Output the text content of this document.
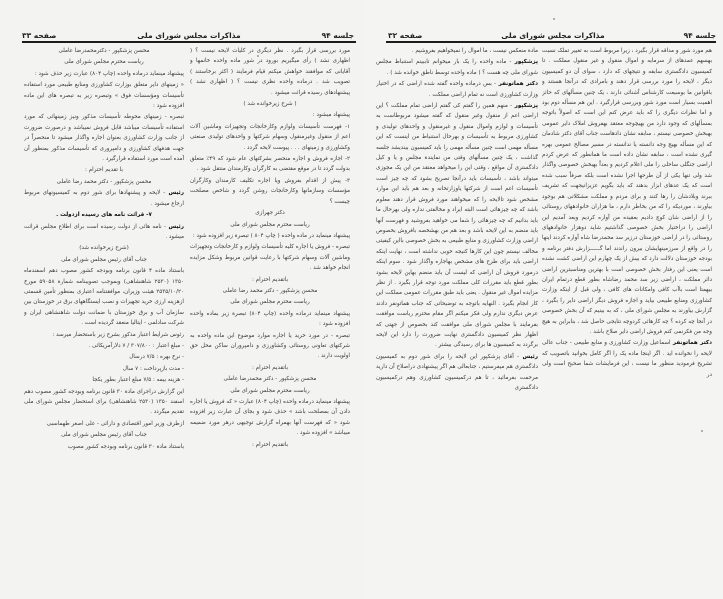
جلسه ۹۴
مذاکرات مجلس شورای ملی
صفحه ۳۳

مورد بررسی قرار بگیرد . نظر دیگری در کلیات لایحه نیست ؟ ( اظهاری نشد ) رأی میگیریم بورود در شور ماده واحده خانمها و آقایانی که موافقند خواهش میکنم قیام فرمایند ( اکثر برخاستند ) تصویب شد . درماده واحده نظری نیست ؟ ( اظهاری نشد ) پیشنهادهای رسیده قرائت میشود .

( شرح زیرخوانده شد )

پیشنهاد میشود :

۱- فهرست تأسیسات ولوازم وکارخانجات وتجهیزات وماشین آلات اعم از منقول وغیرمنقول وسهام شرکتها و واحدهای تولیدی صنعتی وکشاورزی و زمینهای . . . پیوست لایحه گردد .

۲- اجازه فروش و اجاره منحصر بشرکتهای عام شود که ۴۹٪ متعلق بدولت گردد تا در موقع مقتضی به کارگران وکارمندان منتقل شود .

۳- پیش از اقدام بفروش ویا اجاره تکلیف کارمندان وکارگران مؤسسات وسازمانها وکارخانجات روشن گردد و شاخص مصلحت چیست ؟

دکتر جهرازی

ریاست محترم مجلس شورای ملی

پیشنهاد مینماید در ماده واحده ( چاپ ۸۰۴ ) تبصرة زیر افزوده شود :

تبصره - فروش یا اجاره کلیه تأسیسات ولوازم و کارخانجات وتجهیزات وماشین آلات وسهام شرکتها با رعایت قوانین مربوط وشکل مزایده انجام خواهد شد .

باتقدیم احترام :

محسن پزشکپور - دکتر محمد رضا عاملی

ریاست محترم مجلس شورای ملی

پیشنهاد مینماید درماده واحده (چاپ ۸۰۴) تبصرة زیر بماده واحده افزوده شود :

تبصره - در مورد خرید یا اجاره موارد موضوع این ماده واحده به شرکتهای تعاونی روستائی وکشاورزی و دامپروران ساکن محل حق اولویت دارند .

باتقدیم احترام :

محسن پزشکپور - دکتر محمدرضا عاملی

ریاست محترم مجلس شورای ملی

پیشنهاد مینماید درماده واحده (چاپ ۸۰۴) عبارت « که فروش یا اجاره دادن آن بمصلحت باشد » حذف شود و بجای آن عبارت زیر افزوده شود « که فهرست آنها بهمراه گزارش توجیهی درهر مورد ضمیمه میباشد » افزوده شود .

باتقدیم احترام :

محسن پزشکپور - دکترمحمدرضا عاملی

ریاست محترم مجلس شورای ملی

پیشنهاد مینماید درماده واحده (چاپ ۸۰۴) عبارت زیر حذف شود :

« زمینهای دایر متعلق بوزارت کشاورزی ومنابع طبیعی مورد استفاده تأسیسات ومؤسسات فوق » وتبصره زیر به تبصره های این ماده افزوده شود :

تبصره - زمینهای محوطه تأسیسات مذکور ونیز زمینهائی که مورد استفاده تأسیسات میباشد قابل فروش نمیباشد و درصورت ضرورت از جانب وزارت کشاورزی بعنوان اجاره واگذار میشود تا منحصراً در جهت هدفهای کشاورزی و دامپروری که تأسیسات مذکور بمنظور آن آمده است مورد استفاده قرارگیرد .

با تقدیم احترام :

محسن پزشکپور - دکتر محمد رضا عاملی

رئیس - لایحه و پیشنهادها برای شور دوم به کمیسیونهای مربوط ارجاع میشود .

۷- قرائت نامه های رسیده ازدولت .

رئیس - نامه هائی از دولت رسیده است برای اطلاع مجلس قرائت میشود .

(شرح زیرخوانده شد)

جناب آقای رئیس مجلس شورای ملی

باستناد ماده ۴ قانون برنامه وبودجه کشور مصوب دهم اسفندماه ۱۳۵۰ (۲۵۳۰ شاهنشاهی) وبموجب تصویبنامه شمارة ۵۹۰۵۸ مورخ ۲۵۳۵/۱۰/۲۰ هیئت وزیران، موافقتنامه اعتباری بمنظور تأمین قسمتی ازهزینه ارزی خرید تجهیزات و نصب ایستگاههای برق در خوزستان بین سازمان آب و برق خوزستان با ضمانت دولت شاهنشاهی ایران و شرکت سادلمی - ایتالیا منعقد گردیده است .

رئوس شرایط اعتبار مذکور بشرح زیر باستحضار میرسد :

- مبلغ اعتبار : ۳۰۷/۸۰۰ / ۷ دلارآمریکائی .

- نرخ بهره : ۷/۵ درسال

- مدت بازپرداخت : ۷ سال

- هزینه بیمه : ۷/۵ مبلغ اعتبار بطور یکجا

این گزارش دراجرای مادة ۳۰ قانون برنامه وبودجه کشور مصوب دهم اسفند ۱۳۵۰ (۲۵۳۰ شاهنشاهی) برای استحضار مجلس شورای ملی تقدیم میگردد .

ازطرف وزیر امور اقتصادی و دارائی - علی اصغر طهماسبی

جناب آقای رئیس مجلس شورای ملی

باستناد مادة ۳۰ قانون برنامه وبودجه کشور مصوب

جلسه ۹۴
مذاکرات مجلس شورای ملی
صفحه ۳۲

هم مورد شور و مداقه قرار بگیرد ، زیرا مربوط است به تغییر تملک نسبت بهسهم عمدهای از سرمایه و اموال منقول و غیر منقول مملکت . تا کمیسیون دادگستری سابقه و نتیجهای که دارد ، سوای آن دو کمیسیون دیگر ، لایحه را مورد بررسی قرار دهند و بامرادی که درآنجا هستند و باقوانین ما بوسیعت کارشناس آشنائی دارند ، یک چنین مسألهای که حائز اهمیت بسیار است مورد شور وبررسی قرارگیرد . این هم مسأله دوم بود و اما نظرات دیگری را که باید عرض کنم این است که اصولاً باتوجه بمسألهای که وجود دارد من بهیچوجه معتقد بهفروش املاک دایر عمومی بهبخش خصوصی نیستم ، سابقه نشان دادهاست جناب آقای دکتر شادمان که این مسأله بهیچ وجه دانسته یا ندانسته در مسیر مصالح عمومی بهره گیری نشده است ، سابقه نشان داده است ما همانطور که عرض کردم اراضی جنگلی ساحلی را ملی اعلام کردیم و بعداً بهبخش خصوصی واگذار شد ولی تنها یکی از آن طرحها اجرا نشده است بلکه صرفاً سبب شده است که یک عدهای ابزار بدهند که باید بگویم عزیزانیجهت که تشریف ببرند وبلادشان را رها کنند و برای مردم و مملکت مشکلاتی هم بوجود بیاورند ، موردیکه را که من بخاطر دارم ، ما هزاران خانوادههای روستائی را از اراضی شان کوچ دادیم بعقیده من آواره کردیم وبعد آمدیم این اراضی را دراختیار بخش خصوصی گذاشتیم شاید دوهزار خانوادههای روستائی را در اراضی خوزستان درزیر سد محمدرضا شاه آواره کردند اینها را در واقع از سرزمینهایشان بیرون راندند اما گــــــزارش دفتر برنامه و بودجه خوزستان دلالت دارد که بیش از یک چهارم این اراضی کشت نشده است یعنی این رفتار بخش خصوصی است با بهترین ومناسبترین اراضی دائر مملکت ، اراضی زیر سد محمد رضاشاه بطور قطع درتمام ایران بیهمتا است باآب کافی وامکانات های کافی ، ولی قبل از اینکه وزارت کشاورزی ومنابع طبیعی بیاید و اجازه فروش دیگر اراضی دایر را بگیرد ، گزارش بیاورند به مجلس شورای ملی ، که به بینیم که آن بخش خصوصی در آنجا چه کرده ؟ چه کارهائی کردوچه نتایجی حاصل شد ، بنابراین به هیچ وجه من فکرنمی کنم فروش اراضی دایر صلاح باشد .

دکتر هماتونفر اسماعیل وزارت کشاورزی و منابع طبیعی - جناب عالی لایحه را نخوانده اید . اگر اینجا ماده یک را اگر کامل بخوانید باتصویب که تشریح فرمودید منظور ما نیست ، این فرمایشات شما صحیح است ولی در

مادة منعکس نیست ، ما اموال را نمیخواهیم بفروشیم .

پزشکپور - ماده واحده را یک بار میخوانم تاببینم استنباط مجلس شورای ملی چه هست ؟ ( ماده واحده توسط ناطق خوانده شد ) .

دکتر هماتونفر - بس درماده واحده گفته شده اراضی که در اختیار وزارت کشاورزی است نه تمام اراضی مملکت .

پزشکپور - منهم همین را گفتم کی گفتم اراضی تمام مملکت ؟ این اراضی اعم از منقول وغیر منقول که گفته میشود مربوطاست به تأسیسات و لوازم واموال منقول و غیرمنقول و واحدهای تولیدی و کشاورزی مربوط به تأسیسات و بهرحال استنباط من اینست که این مسأله مهمی است چنین مسأله مهمی را باید کمیسیون بیندیشد جلسه گذاشت ، یک چنین مسألهای وقتی من نمایندة مجلس و یا و کیل دادگستری آن مواقع ، وقتی این را میخواهد معتقد من این یک مجوزی میتواند باشد ، تأسیسات باید درآنجا تصریح بشود که چه چیز است تأسیسات اعم است از شرکتها یاوزارتخانه و بعد هم باید این موارد مشخص شود تالایحه را که میخواهند مورد فروش قرار دهند معلوم باشد که چه چیزهائی است البته ایراد و مخالفتی نداره ولی بهرحال ما باید بدانیم که چه چیزهائی را شما می خواهید بفروشید و فهرست آنها باید منضم به این لایحه باشد و بعد هم من بهشخصه بافروش بخصوص اراضی وزارت کشاورزی و منابع طبیعی به بخش خصوصی بااین کیفیتی مخالف نیستم چون این کارها کنیجه خوبی نداشته است ، نهایت اینکه اراضی باید برای طرح های مشخص بهاجاره واگذار شود . سوم اینکه درمورد فروش آن اراضی که لیست آن باید منضم بهاین لایحه بشود بطور قطع باید مقررات کلی مملکت مورد توجه قرار بگیرد . از نظر مزایده اموال غیر منقول . یعنی باید طبق مقررات عمومی مملکت این کار انجام بگیرد . النهایه باتوجه به توضیحاتی که جناب هماتونفر دادند عرض دیگری ندارم ولی فکر میکنم اگر مقام محترم ریاست موافقت بفرمایند با مجلس شورای ملی موافقت کند بخصوص از جهتی که اظهار نظر کمیسیون دادگستری نهایت ضرورت را دارد این لایحه برگردد به کمیسیون ها برای رسیدگی بیشتر .

رئیس - آقای پزشکپور این لایحه را برای شور دوم به کمیسیون دادگستری هم میفرستیم ، جنابعالی هم اگر پیشنهادی دراصلاح آن دارید مرحمت بفرمائید ، تا هم درکمیسیون کشاورزی وهم درکمیسیون دادگستری
